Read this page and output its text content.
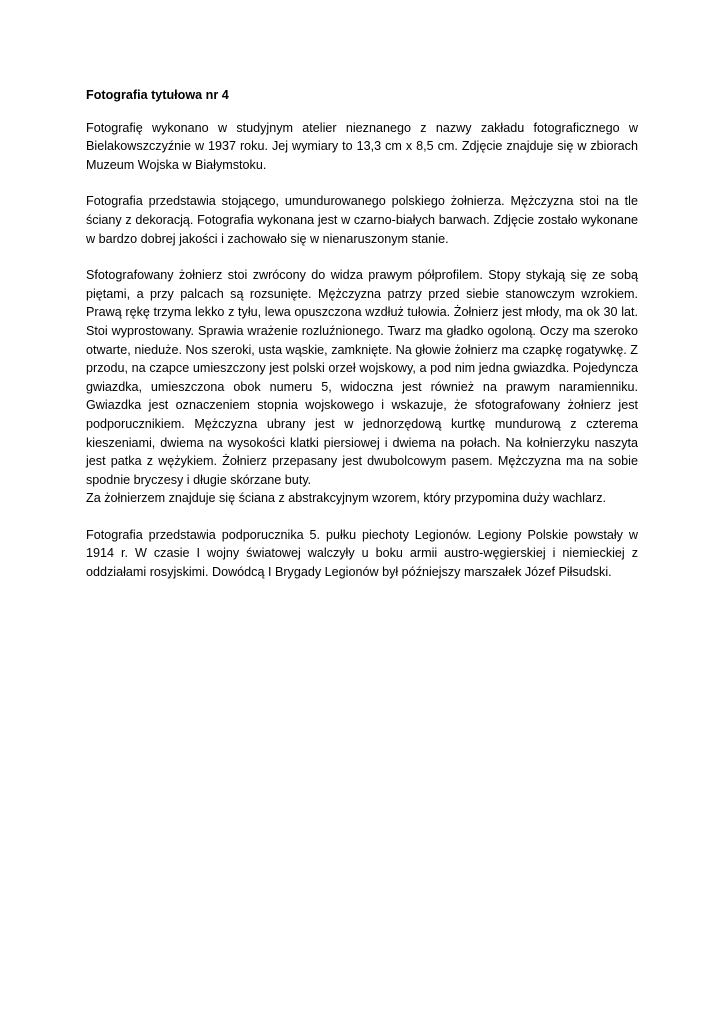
Fotografia tytułowa nr 4

Fotografię wykonano w studyjnym atelier nieznanego z nazwy zakładu fotograficznego w Bielakowszczyźnie w 1937 roku. Jej wymiary to 13,3 cm x 8,5 cm. Zdjęcie znajduje się w zbiorach Muzeum Wojska w Białymstoku.

Fotografia przedstawia stojącego, umundurowanego polskiego żołnierza. Mężczyzna stoi na tle ściany z dekoracją. Fotografia wykonana jest w czarno-białych barwach. Zdjęcie zostało wykonane w bardzo dobrej jakości i zachowało się w nienaruszonym stanie.

Sfotografowany żołnierz stoi zwrócony do widza prawym półprofilem. Stopy stykają się ze sobą piętami, a przy palcach są rozsunięte. Mężczyzna patrzy przed siebie stanowczym wzrokiem. Prawą rękę trzyma lekko z tyłu, lewa opuszczona wzdłuż tułowia. Żołnierz jest młody, ma ok 30 lat. Stoi wyprostowany. Sprawia wrażenie rozluźnionego. Twarz ma gładko ogoloną. Oczy ma szeroko otwarte, nieduże. Nos szeroki, usta wąskie, zamknięte. Na głowie żołnierz ma czapkę rogatywkę. Z przodu, na czapce umieszczony jest polski orzeł wojskowy, a pod nim jedna gwiazdka. Pojedyncza gwiazdka, umieszczona obok numeru 5, widoczna jest również na prawym naramienniku. Gwiazdka jest oznaczeniem stopnia wojskowego i wskazuje, że sfotografowany żołnierz jest podporucznikiem. Mężczyzna ubrany jest w jednorzędową kurtkę mundurową z czterema kieszeniami, dwiema na wysokości klatki piersiowej i dwiema na połach. Na kołnierzyku naszyta jest patka z wężykiem. Żołnierz przepasany jest dwubolcowym pasem. Mężczyzna ma na sobie spodnie bryczesy i długie skórzane buty.

Za żołnierzem znajduje się ściana z abstrakcyjnym wzorem, który przypomina duży wachlarz.

Fotografia przedstawia podporucznika 5. pułku piechoty Legionów. Legiony Polskie powstały w 1914 r. W czasie I wojny światowej walczyły u boku armii austro-węgierskiej i niemieckiej z oddziałami rosyjskimi. Dowódcą I Brygady Legionów był późniejszy marszałek Józef Piłsudski.
